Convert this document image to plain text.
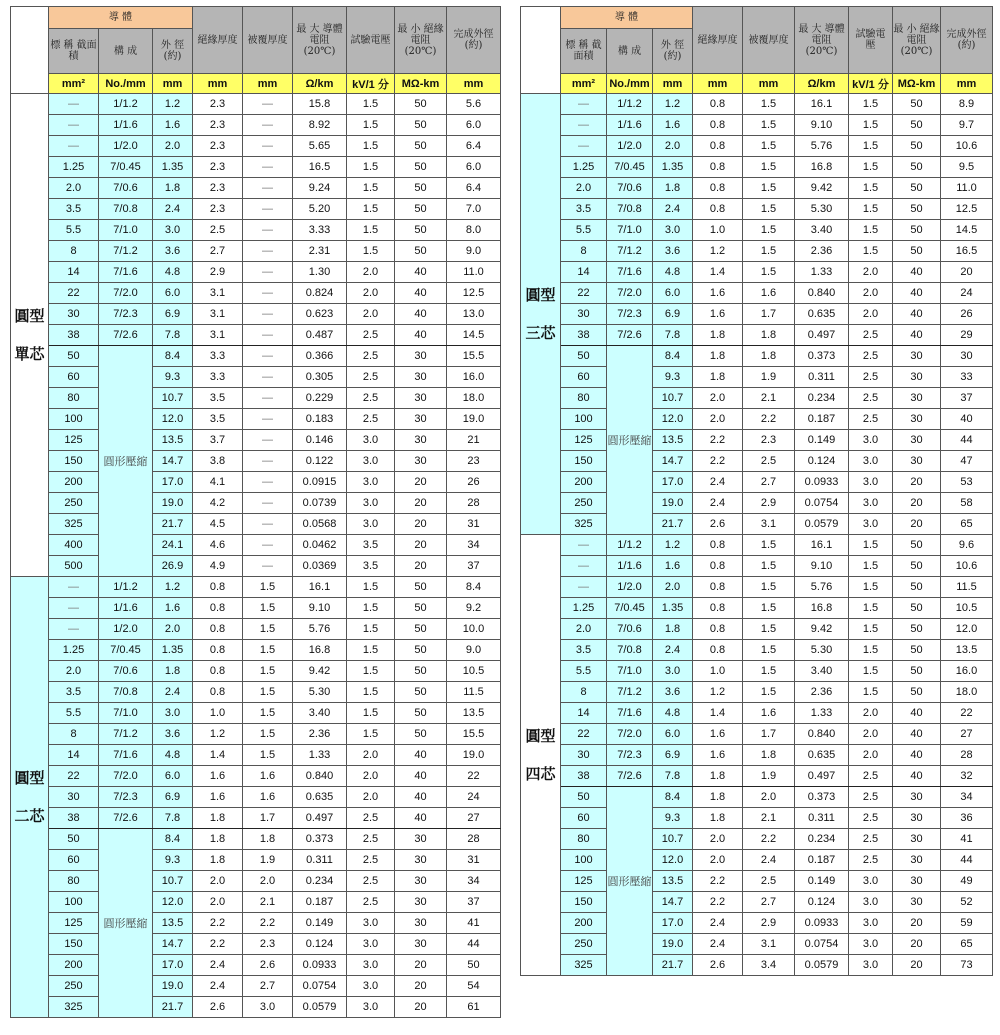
	導 體			絕緣厚度	被覆厚度	最 大 導體電阻 (20℃)	試驗電壓	最 小 絕緣電阻 (20℃)	完成外徑 (約)
	標 稱 截面積	構 成	外 徑 (約)						
	mm²	No./mm	mm	mm	mm	Ω/km	kV/1 分	MΩ-km	mm
圓型單芯	—	1/1.2	1.2	2.3	—	15.8	1.5	50	5.6
	—	1/1.6	1.6	2.3	—	8.92	1.5	50	6.0
	—	1/2.0	2.0	2.3	—	5.65	1.5	50	6.4
	1.25	7/0.45	1.35	2.3	—	16.5	1.5	50	6.0
	2.0	7/0.6	1.8	2.3	—	9.24	1.5	50	6.4
	3.5	7/0.8	2.4	2.3	—	5.20	1.5	50	7.0
	5.5	7/1.0	3.0	2.5	—	3.33	1.5	50	8.0
	8	7/1.2	3.6	2.7	—	2.31	1.5	50	9.0
	14	7/1.6	4.8	2.9	—	1.30	2.0	40	11.0
	22	7/2.0	6.0	3.1	—	0.824	2.0	40	12.5
	30	7/2.3	6.9	3.1	—	0.623	2.0	40	13.0
	38	7/2.6	7.8	3.1	—	0.487	2.5	40	14.5
	50	圓形壓縮	8.4	3.3	—	0.366	2.5	30	15.5
	60		9.3	3.3	—	0.305	2.5	30	16.0
	80		10.7	3.5	—	0.229	2.5	30	18.0
	100		12.0	3.5	—	0.183	2.5	30	19.0
	125		13.5	3.7	—	0.146	3.0	30	21
	150		14.7	3.8	—	0.122	3.0	30	23
	200		17.0	4.1	—	0.0915	3.0	20	26
	250		19.0	4.2	—	0.0739	3.0	20	28
	325		21.7	4.5	—	0.0568	3.0	20	31
	400		24.1	4.6	—	0.0462	3.5	20	34
	500		26.9	4.9	—	0.0369	3.5	20	37
圓型二芯	—	1/1.2	1.2	0.8	1.5	16.1	1.5	50	8.4
	—	1/1.6	1.6	0.8	1.5	9.10	1.5	50	9.2
	—	1/2.0	2.0	0.8	1.5	5.76	1.5	50	10.0
	1.25	7/0.45	1.35	0.8	1.5	16.8	1.5	50	9.0
	2.0	7/0.6	1.8	0.8	1.5	9.42	1.5	50	10.5
	3.5	7/0.8	2.4	0.8	1.5	5.30	1.5	50	11.5
	5.5	7/1.0	3.0	1.0	1.5	3.40	1.5	50	13.5
	8	7/1.2	3.6	1.2	1.5	2.36	1.5	50	15.5
	14	7/1.6	4.8	1.4	1.5	1.33	2.0	40	19.0
	22	7/2.0	6.0	1.6	1.6	0.840	2.0	40	22
	30	7/2.3	6.9	1.6	1.6	0.635	2.0	40	24
	38	7/2.6	7.8	1.8	1.7	0.497	2.5	40	27
	50	圓形壓縮	8.4	1.8	1.8	0.373	2.5	30	28
	60		9.3	1.8	1.9	0.311	2.5	30	31
	80		10.7	2.0	2.0	0.234	2.5	30	34
	100		12.0	2.0	2.1	0.187	2.5	30	37
	125		13.5	2.2	2.2	0.149	3.0	30	41
	150		14.7	2.2	2.3	0.124	3.0	30	44
	200		17.0	2.4	2.6	0.0933	3.0	20	50
	250		19.0	2.4	2.7	0.0754	3.0	20	54
	325		21.7	2.6	3.0	0.0579	3.0	20	61
	導 體			絕緣厚度	被覆厚度	最 大 導體電阻 (20℃)	試驗電 壓	最 小 絕緣電阻 (20℃)	完成外徑 (約)
	標 稱 截面積	構 成	外 徑 (約)						
	mm²	No./mm	mm	mm	mm	Ω/km	kV/1 分	MΩ-km	mm
圓型三芯	—	1/1.2	1.2	0.8	1.5	16.1	1.5	50	8.9
	—	1/1.6	1.6	0.8	1.5	9.10	1.5	50	9.7
	—	1/2.0	2.0	0.8	1.5	5.76	1.5	50	10.6
	1.25	7/0.45	1.35	0.8	1.5	16.8	1.5	50	9.5
	2.0	7/0.6	1.8	0.8	1.5	9.42	1.5	50	11.0
	3.5	7/0.8	2.4	0.8	1.5	5.30	1.5	50	12.5
	5.5	7/1.0	3.0	1.0	1.5	3.40	1.5	50	14.5
	8	7/1.2	3.6	1.2	1.5	2.36	1.5	50	16.5
	14	7/1.6	4.8	1.4	1.5	1.33	2.0	40	20
	22	7/2.0	6.0	1.6	1.6	0.840	2.0	40	24
	30	7/2.3	6.9	1.6	1.7	0.635	2.0	40	26
	38	7/2.6	7.8	1.8	1.8	0.497	2.5	40	29
	50	圓形壓縮	8.4	1.8	1.8	0.373	2.5	30	30
	60		9.3	1.8	1.9	0.311	2.5	30	33
	80		10.7	2.0	2.1	0.234	2.5	30	37
	100		12.0	2.0	2.2	0.187	2.5	30	40
	125		13.5	2.2	2.3	0.149	3.0	30	44
	150		14.7	2.2	2.5	0.124	3.0	30	47
	200		17.0	2.4	2.7	0.0933	3.0	20	53
	250		19.0	2.4	2.9	0.0754	3.0	20	58
	325		21.7	2.6	3.1	0.0579	3.0	20	65
圓型四芯	—	1/1.2	1.2	0.8	1.5	16.1	1.5	50	9.6
	—	1/1.6	1.6	0.8	1.5	9.10	1.5	50	10.6
	—	1/2.0	2.0	0.8	1.5	5.76	1.5	50	11.5
	1.25	7/0.45	1.35	0.8	1.5	16.8	1.5	50	10.5
	2.0	7/0.6	1.8	0.8	1.5	9.42	1.5	50	12.0
	3.5	7/0.8	2.4	0.8	1.5	5.30	1.5	50	13.5
	5.5	7/1.0	3.0	1.0	1.5	3.40	1.5	50	16.0
	8	7/1.2	3.6	1.2	1.5	2.36	1.5	50	18.0
	14	7/1.6	4.8	1.4	1.6	1.33	2.0	40	22
	22	7/2.0	6.0	1.6	1.7	0.840	2.0	40	27
	30	7/2.3	6.9	1.6	1.8	0.635	2.0	40	28
	38	7/2.6	7.8	1.8	1.9	0.497	2.5	40	32
	50	圓形壓縮	8.4	1.8	2.0	0.373	2.5	30	34
	60		9.3	1.8	2.1	0.311	2.5	30	36
	80		10.7	2.0	2.2	0.234	2.5	30	41
	100		12.0	2.0	2.4	0.187	2.5	30	44
	125		13.5	2.2	2.5	0.149	3.0	30	49
	150		14.7	2.2	2.7	0.124	3.0	30	52
	200		17.0	2.4	2.9	0.0933	3.0	20	59
	250		19.0	2.4	3.1	0.0754	3.0	20	65
	325		21.7	2.6	3.4	0.0579	3.0	20	73
